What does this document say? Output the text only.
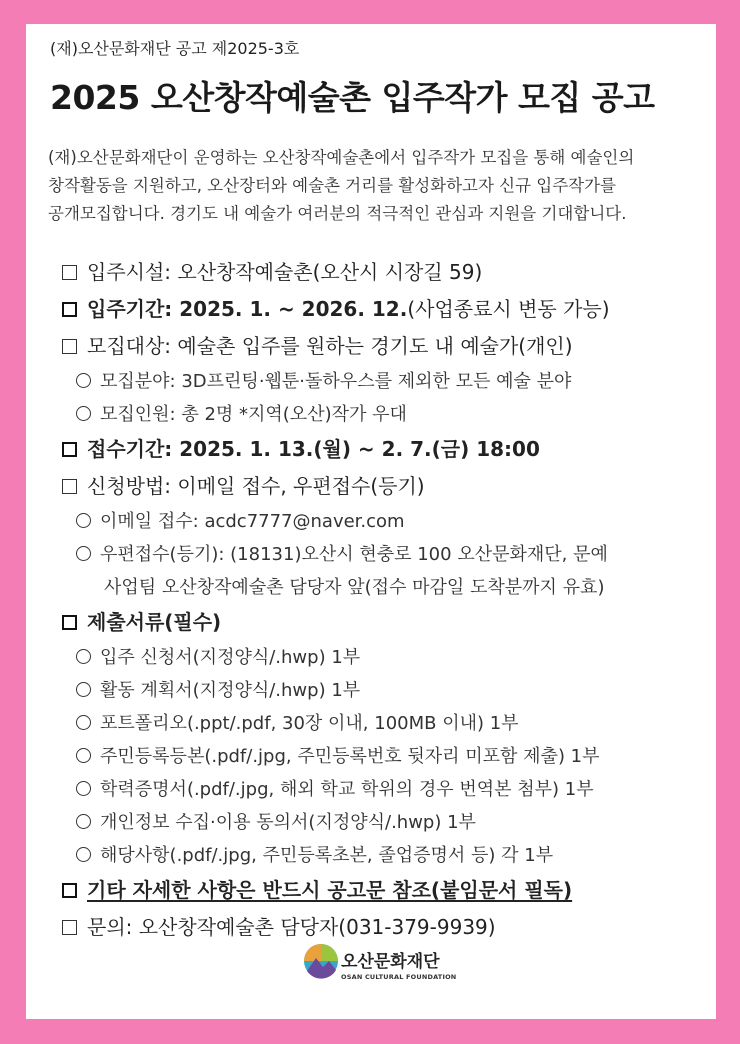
(재)오산문화재단 공고 제2025-3호
2025 오산창작예술촌 입주작가 모집 공고
(재)오산문화재단이 운영하는 오산창작예술촌에서 입주작가 모집을 통해 예술인의
창작활동을 지원하고, 오산장터와 예술촌 거리를 활성화하고자 신규 입주작가를
공개모집합니다. 경기도 내 예술가 여러분의 적극적인 관심과 지원을 기대합니다.
입주시설: 오산창작예술촌(오산시 시장길 59)
입주기간: 2025. 1. ~ 2026. 12.(사업종료시 변동 가능)
모집대상: 예술촌 입주를 원하는 경기도 내 예술가(개인)
모집분야: 3D프린팅·웹툰·돌하우스를 제외한 모든 예술 분야
모집인원: 총 2명 *지역(오산)작가 우대
접수기간: 2025. 1. 13.(월) ~ 2. 7.(금) 18:00
신청방법: 이메일 접수, 우편접수(등기)
이메일 접수: acdc7777@naver.com
우편접수(등기): (18131)오산시 현충로 100 오산문화재단, 문예
사업팀 오산창작예술촌 담당자 앞(접수 마감일 도착분까지 유효)
제출서류(필수)
입주 신청서(지정양식/.hwp) 1부
활동 계획서(지정양식/.hwp) 1부
포트폴리오(.ppt/.pdf, 30장 이내, 100MB 이내) 1부
주민등록등본(.pdf/.jpg, 주민등록번호 뒷자리 미포함 제출) 1부
학력증명서(.pdf/.jpg, 해외 학교 학위의 경우 번역본 첨부) 1부
개인정보 수집·이용 동의서(지정양식/.hwp) 1부
해당사항(.pdf/.jpg, 주민등록초본, 졸업증명서 등) 각 1부
기타 자세한 사항은 반드시 공고문 참조(붙임문서 필독)
문의: 오산창작예술촌 담당자(031-379-9939)
오산문화재단
OSAN CULTURAL FOUNDATION
